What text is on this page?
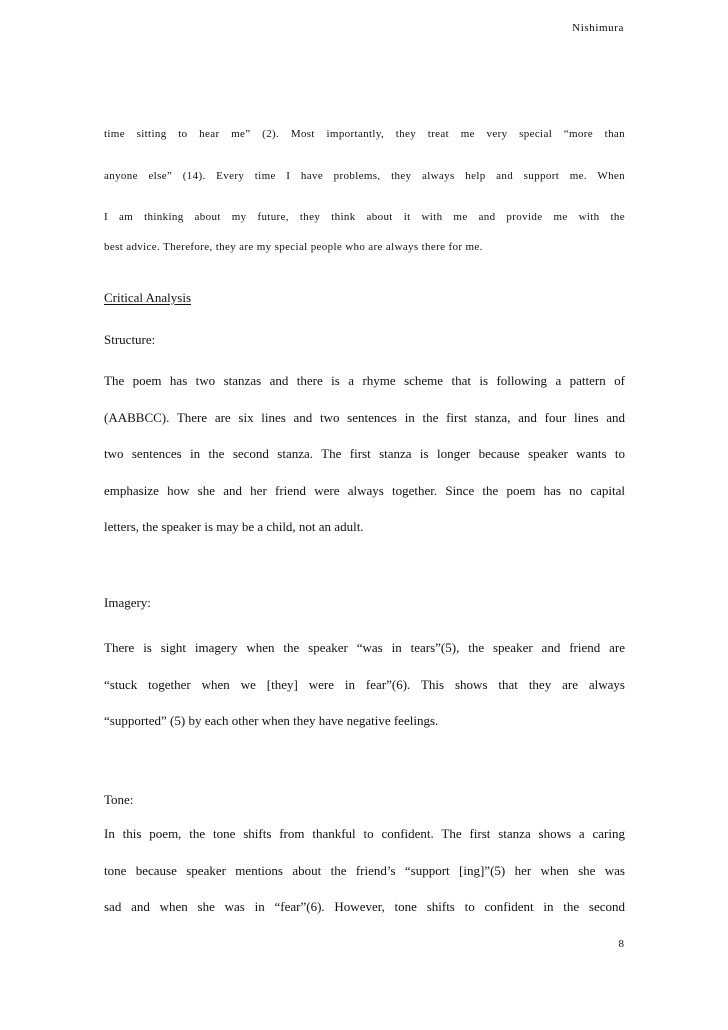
Nishimura
time sitting to hear me” (2). Most importantly, they treat me very special “more than
anyone else” (14). Every time I have problems, they always help and support me. When
I am thinking about my future, they think about it with me and provide me with the
best advice. Therefore, they are my special people who are always there for me.
Critical Analysis
Structure:
The poem has two stanzas and there is a rhyme scheme that is following a pattern of
(AABBCC). There are six lines and two sentences in the first stanza, and four lines and
two sentences in the second stanza. The first stanza is longer because speaker wants to
emphasize how she and her friend were always together. Since the poem has no capital
letters, the speaker is may be a child, not an adult.
Imagery:
There is sight imagery when the speaker “was in tears”(5), the speaker and friend are
“stuck together when we [they] were in fear”(6). This shows that they are always
“supported” (5) by each other when they have negative feelings.
Tone:
In this poem, the tone shifts from thankful to confident. The first stanza shows a caring
tone because speaker mentions about the friend’s “support [ing]”(5) her when she was
sad and when she was in “fear”(6). However, tone shifts to confident in the second
8
